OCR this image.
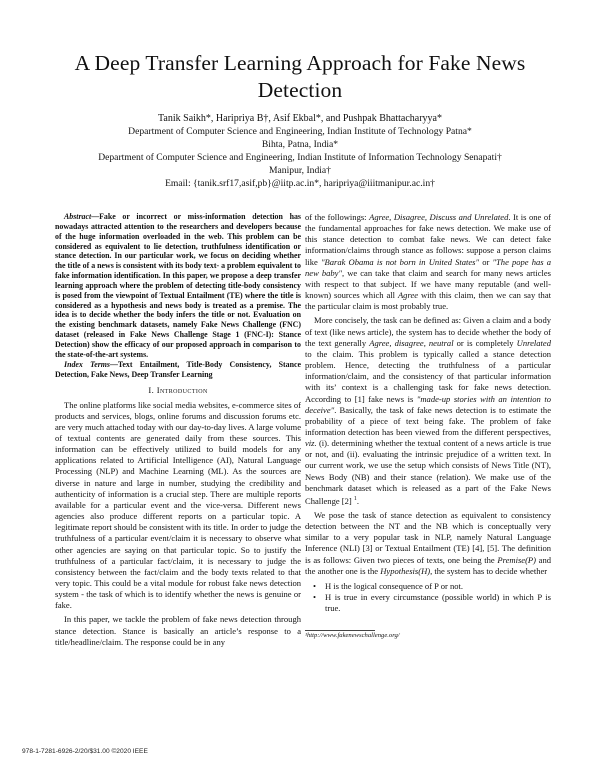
A Deep Transfer Learning Approach for Fake News Detection

Tanik Saikh*, Haripriya B†, Asif Ekbal*, and Pushpak Bhattacharyya*

Department of Computer Science and Engineering, Indian Institute of Technology Patna*

Bihta, Patna, India*

Department of Computer Science and Engineering, Indian Institute of Information Technology Senapati†

Manipur, India†

Email: {tanik.srf17,asif,pb}@iitp.ac.in*, haripriya@iiitmanipur.ac.in†

Abstract—Fake or incorrect or miss-information detection has nowadays attracted attention to the researchers and developers because of the huge information overloaded in the web. This problem can be considered as equivalent to lie detection, truthfulness identification or stance detection. In our particular work, we focus on deciding whether the title of a news is consistent with its body text- a problem equivalent to fake information identification. In this paper, we propose a deep transfer learning approach where the problem of detecting title-body consistency is posed from the viewpoint of Textual Entailment (TE) where the title is considered as a hypothesis and news body is treated as a premise. The idea is to decide whether the body infers the title or not. Evaluation on the existing benchmark datasets, namely Fake News Challenge (FNC) dataset (released in Fake News Challenge Stage 1 (FNC-I): Stance Detection) show the efficacy of our proposed approach in comparison to the state-of-the-art systems.

Index Terms—Text Entailment, Title-Body Consistency, Stance Detection, Fake News, Deep Transfer Learning

I. Introduction

The online platforms like social media websites, e-commerce sites of products and services, blogs, online forums and discussion forums etc. are very much attached today with our day-to-day lives. A large volume of textual contents are generated daily from these sources. This information can be effectively utilized to build models for any applications related to Artificial Intelligence (AI), Natural Language Processing (NLP) and Machine Learning (ML). As the sources are diverse in nature and large in number, studying the credibility and authenticity of information is a crucial step. There are multiple reports available for a particular event and the vice-versa. Different news agencies also produce different reports on a particular topic. A legitimate report should be consistent with its title. In order to judge the truthfulness of a particular event/claim it is necessary to observe what other agencies are saying on that particular topic. So to justify the truthfulness of a particular fact/claim, it is necessary to judge the consistency between the fact/claim and the body texts related to that very topic. This could be a vital module for robust fake news detection system - the task of which is to identify whether the news is genuine or fake.

In this paper, we tackle the problem of fake news detection through stance detection. Stance is basically an article’s response to a title/headline/claim. The response could be in any

of the followings: Agree, Disagree, Discuss and Unrelated. It is one of the fundamental approaches for fake news detection. We make use of this stance detection to combat fake news. We can detect fake information/claims through stance as follows: suppose a person claims like "Barak Obama is not born in United States" or "The pope has a new baby", we can take that claim and search for many news articles with respect to that subject. If we have many reputable (and well-known) sources which all Agree with this claim, then we can say that the particular claim is most probably true.

More concisely, the task can be defined as: Given a claim and a body of text (like news article), the system has to decide whether the body of the text generally Agree, disagree, neutral or is completely Unrelated to the claim. This problem is typically called a stance detection problem. Hence, detecting the truthfulness of a particular information/claim, and the consistency of that particular information with its’ context is a challenging task for fake news detection. According to [1] fake news is "made-up stories with an intention to deceive". Basically, the task of fake news detection is to estimate the probability of a piece of text being fake. The problem of fake information detection has been viewed from the different perspectives, viz. (i). determining whether the textual content of a news article is true or not, and (ii). evaluating the intrinsic prejudice of a written text. In our current work, we use the setup which consists of News Title (NT), News Body (NB) and their stance (relation). We make use of the benchmark dataset which is released as a part of the Fake News Challenge [2] $^1$.

We pose the task of stance detection as equivalent to consistency detection between the NT and the NB which is conceptually very similar to a very popular task in NLP, namely Natural Language Inference (NLI) [3] or Textual Entailment (TE) [4], [5]. The definition is as follows: Given two pieces of texts, one being the Premise(P) and the another one is the Hypothesis(H), the system has to decide whether

• H is the logical consequence of P or not.
• H is true in every circumstance (possible world) in which P is true.

¹http://www.fakenewschallenge.org/

978-1-7281-6926-2/20/$31.00 ©2020 IEEE
